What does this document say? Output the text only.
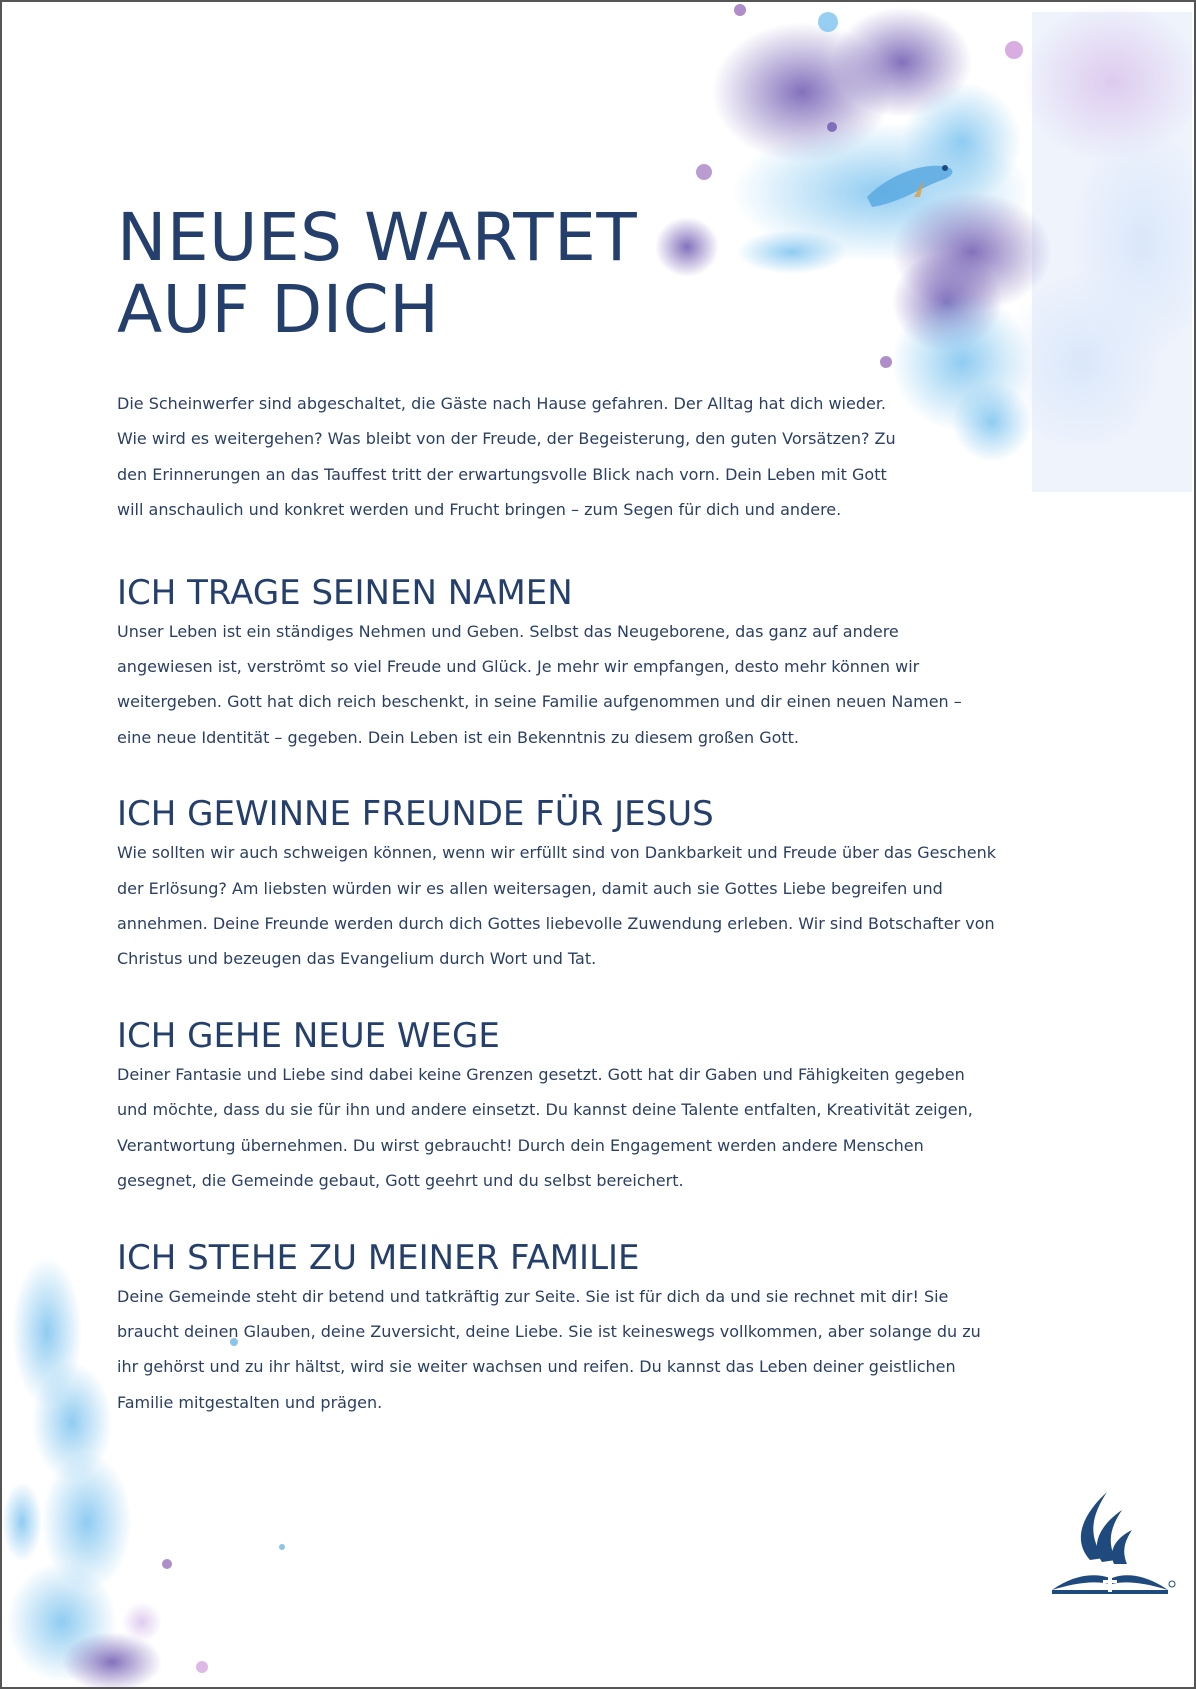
NEUES WARTET
AUF DICH

Die Scheinwerfer sind abgeschaltet, die Gäste nach Hause gefahren. Der Alltag hat dich wieder. Wie wird es weitergehen? Was bleibt von der Freude, der Begeisterung, den guten Vorsätzen? Zu den Erinnerungen an das Tauffest tritt der erwartungsvolle Blick nach vorn. Dein Leben mit Gott will anschaulich und konkret werden und Frucht bringen – zum Segen für dich und andere.

ICH TRAGE SEINEN NAMEN

Unser Leben ist ein ständiges Nehmen und Geben. Selbst das Neugeborene, das ganz auf andere angewiesen ist, verströmt so viel Freude und Glück. Je mehr wir empfangen, desto mehr können wir weitergeben. Gott hat dich reich beschenkt, in seine Familie aufgenommen und dir einen neuen Namen – eine neue Identität – gegeben. Dein Leben ist ein Bekenntnis zu diesem großen Gott.

ICH GEWINNE FREUNDE FÜR JESUS

Wie sollten wir auch schweigen können, wenn wir erfüllt sind von Dankbarkeit und Freude über das Geschenk der Erlösung? Am liebsten würden wir es allen weitersagen, damit auch sie Gottes Liebe begreifen und annehmen. Deine Freunde werden durch dich Gottes liebevolle Zuwendung erleben. Wir sind Botschafter von Christus und bezeugen das Evangelium durch Wort und Tat.

ICH GEHE NEUE WEGE

Deiner Fantasie und Liebe sind dabei keine Grenzen gesetzt. Gott hat dir Gaben und Fähigkeiten gegeben und möchte, dass du sie für ihn und andere einsetzt. Du kannst deine Talente entfalten, Kreativität zeigen, Verantwortung übernehmen. Du wirst gebraucht! Durch dein Engagement werden andere Menschen gesegnet, die Gemeinde gebaut, Gott geehrt und du selbst bereichert.

ICH STEHE ZU MEINER FAMILIE

Deine Gemeinde steht dir betend und tatkräftig zur Seite. Sie ist für dich da und sie rechnet mit dir! Sie braucht deinen Glauben, deine Zuversicht, deine Liebe. Sie ist keineswegs vollkommen, aber solange du zu ihr gehörst und zu ihr hältst, wird sie weiter wachsen und reifen. Du kannst das Leben deiner geistlichen Familie mitgestalten und prägen.
